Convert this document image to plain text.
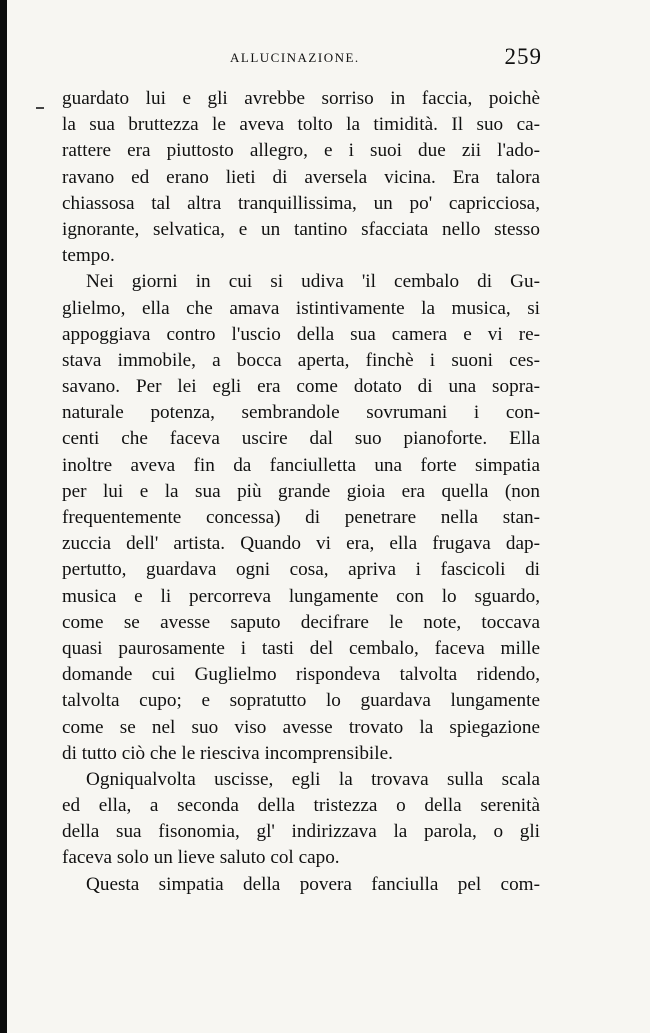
ALLUCINAZIONE.	259
guardato lui e gli avrebbe sorriso in faccia, poichè
la sua bruttezza le aveva tolto la timidità. Il suo ca-
rattere era piuttosto allegro, e i suoi due zii l'ado-
ravano ed erano lieti di aversela vicina. Era talora
chiassosa tal altra tranquillissima, un po' capricciosa,
ignorante, selvatica, e un tantino sfacciata nello stesso
tempo.
Nei giorni in cui si udiva 'il cembalo di Gu-
glielmo, ella che amava istintivamente la musica, si
appoggiava contro l'uscio della sua camera e vi re-
stava immobile, a bocca aperta, finchè i suoni ces-
savano. Per lei egli era come dotato di una sopra-
naturale potenza, sembrandole sovrumani i con-
centi che faceva uscire dal suo pianoforte. Ella
inoltre aveva fin da fanciulletta una forte simpatia
per lui e la sua più grande gioia era quella (non
frequentemente concessa) di penetrare nella stan-
zuccia dell' artista. Quando vi era, ella frugava dap-
pertutto, guardava ogni cosa, apriva i fascicoli di
musica e li percorreva lungamente con lo sguardo,
come se avesse saputo decifrare le note, toccava
quasi paurosamente i tasti del cembalo, faceva mille
domande cui Guglielmo rispondeva talvolta ridendo,
talvolta cupo; e sopratutto lo guardava lungamente
come se nel suo viso avesse trovato la spiegazione
di tutto ciò che le riesciva incomprensibile.
Ogniqualvolta uscisse, egli la trovava sulla scala
ed ella, a seconda della tristezza o della serenità
della sua fisonomia, gl' indirizzava la parola, o gli
faceva solo un lieve saluto col capo.
Questa simpatia della povera fanciulla pel com-
